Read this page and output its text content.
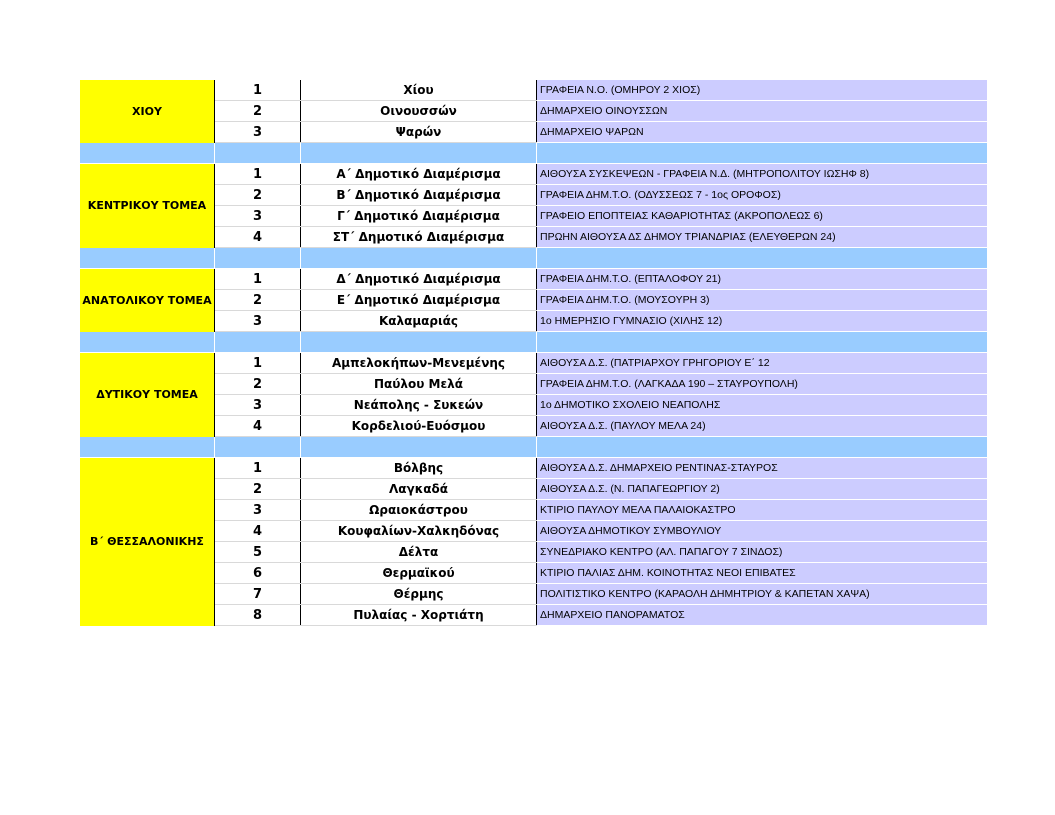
ΧΙΟΥ	1	Χίου	ΓΡΑΦΕΙΑ Ν.Ο. (ΟΜΗΡΟΥ 2 ΧΙΟΣ)
	2	Οινουσσών	ΔΗΜΑΡΧΕΙΟ ΟΙΝΟΥΣΣΩΝ
	3	Ψαρών	ΔΗΜΑΡΧΕΙΟ ΨΑΡΩΝ

ΚΕΝΤΡΙΚΟΥ ΤΟΜΕΑ	1	Α΄ Δημοτικό Διαμέρισμα	ΑΙΘΟΥΣΑ ΣΥΣΚΕΨΕΩΝ - ΓΡΑΦΕΙΑ Ν.Δ. (ΜΗΤΡΟΠΟΛΙΤΟΥ ΙΩΣΗΦ 8)
	2	Β΄ Δημοτικό Διαμέρισμα	ΓΡΑΦΕΙΑ ΔΗΜ.Τ.Ο. (ΟΔΥΣΣΕΩΣ 7 - 1ος ΟΡΟΦΟΣ)
	3	Γ΄ Δημοτικό Διαμέρισμα	ΓΡΑΦΕΙΟ ΕΠΟΠΤΕΙΑΣ ΚΑΘΑΡΙΟΤΗΤΑΣ (ΑΚΡΟΠΟΛΕΩΣ 6)
	4	ΣΤ΄ Δημοτικό Διαμέρισμα	ΠΡΩΗΝ ΑΙΘΟΥΣΑ ΔΣ ΔΗΜΟΥ ΤΡΙΑΝΔΡΙΑΣ (ΕΛΕΥΘΕΡΩΝ 24)

ΑΝΑΤΟΛΙΚΟΥ ΤΟΜΕΑ	1	Δ΄ Δημοτικό Διαμέρισμα	ΓΡΑΦΕΙΑ ΔΗΜ.Τ.Ο. (ΕΠΤΑΛΟΦΟΥ 21)
	2	Ε΄ Δημοτικό Διαμέρισμα	ΓΡΑΦΕΙΑ ΔΗΜ.Τ.Ο. (ΜΟΥΣΟΥΡΗ 3)
	3	Καλαμαριάς	1ο ΗΜΕΡΗΣΙΟ ΓΥΜΝΑΣΙΟ (ΧΙΛΗΣ 12)

ΔΥΤΙΚΟΥ ΤΟΜΕΑ	1	Αμπελοκήπων-Μενεμένης	ΑΙΘΟΥΣΑ Δ.Σ. (ΠΑΤΡΙΑΡΧΟΥ ΓΡΗΓΟΡΙΟΥ Ε΄ 12
	2	Παύλου Μελά	ΓΡΑΦΕΙΑ ΔΗΜ.Τ.Ο. (ΛΑΓΚΑΔΑ 190 – ΣΤΑΥΡΟΥΠΟΛΗ)
	3	Νεάπολης - Συκεών	1ο ΔΗΜΟΤΙΚΟ ΣΧΟΛΕΙΟ ΝΕΑΠΟΛΗΣ
	4	Κορδελιού-Ευόσμου	ΑΙΘΟΥΣΑ Δ.Σ. (ΠΑΥΛΟΥ ΜΕΛΑ 24)

Β΄ ΘΕΣΣΑΛΟΝΙΚΗΣ	1	Βόλβης	ΑΙΘΟΥΣΑ Δ.Σ. ΔΗΜΑΡΧΕΙΟ ΡΕΝΤΙΝΑΣ-ΣΤΑΥΡΟΣ
	2	Λαγκαδά	ΑΙΘΟΥΣΑ Δ.Σ. (Ν. ΠΑΠΑΓΕΩΡΓΙΟΥ 2)
	3	Ωραιοκάστρου	ΚΤΙΡΙΟ ΠΑΥΛΟΥ ΜΕΛΑ ΠΑΛΑΙΟΚΑΣΤΡΟ
	4	Κουφαλίων-Χαλκηδόνας	ΑΙΘΟΥΣΑ ΔΗΜΟΤΙΚΟΥ ΣΥΜΒΟΥΛΙΟΥ
	5	Δέλτα	ΣΥΝΕΔΡΙΑΚΟ ΚΕΝΤΡΟ (ΑΛ. ΠΑΠΑΓΟΥ 7 ΣΙΝΔΟΣ)
	6	Θερμαϊκού	ΚΤΙΡΙΟ ΠΑΛΙΑΣ ΔΗΜ. ΚΟΙΝΟΤΗΤΑΣ ΝΕΟΙ ΕΠΙΒΑΤΕΣ
	7	Θέρμης	ΠΟΛΙΤΙΣΤΙΚΟ ΚΕΝΤΡΟ (ΚΑΡΑΟΛΗ ΔΗΜΗΤΡΙΟΥ & ΚΑΠΕΤΑΝ ΧΑΨΑ)
	8	Πυλαίας - Χορτιάτη	ΔΗΜΑΡΧΕΙΟ ΠΑΝΟΡΑΜΑΤΟΣ
